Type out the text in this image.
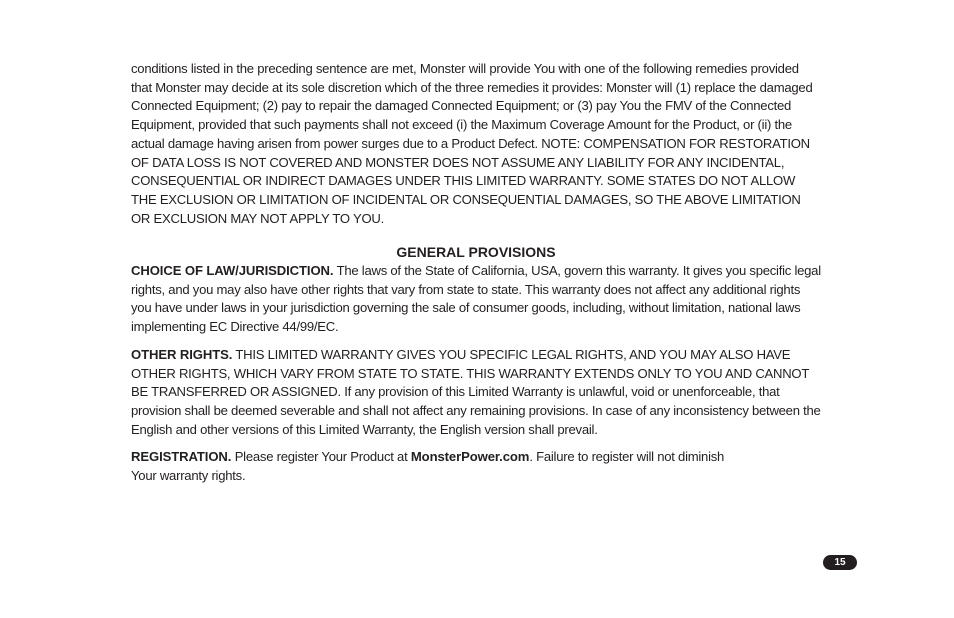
conditions listed in the preceding sentence are met, Monster will provide You with one of the following remedies provided that Monster may decide at its sole discretion which of the three remedies it provides: Monster will (1) replace the damaged Connected Equipment; (2) pay to repair the damaged Connected Equipment; or (3) pay You the FMV of the Connected Equipment, provided that such payments shall not exceed (i) the Maximum Coverage Amount for the Product, or (ii) the actual damage having arisen from power surges due to a Product Defect. NOTE: COMPENSATION FOR RESTORATION OF DATA LOSS IS NOT COVERED AND MONSTER DOES NOT ASSUME ANY LIABILITY FOR ANY INCIDENTAL, CONSEQUENTIAL OR INDIRECT DAMAGES UNDER THIS LIMITED WARRANTY. SOME STATES DO NOT ALLOW THE EXCLUSION OR LIMITATION OF INCIDENTAL OR CONSEQUENTIAL DAMAGES, SO THE ABOVE LIMITATION OR EXCLUSION MAY NOT APPLY TO YOU.

GENERAL PROVISIONS

CHOICE OF LAW/JURISDICTION. The laws of the State of California, USA, govern this warranty. It gives you specific legal rights, and you may also have other rights that vary from state to state. This warranty does not affect any additional rights you have under laws in your jurisdiction governing the sale of consumer goods, including, without limitation, national laws implementing EC Directive 44/99/EC.

OTHER RIGHTS. THIS LIMITED WARRANTY GIVES YOU SPECIFIC LEGAL RIGHTS, AND YOU MAY ALSO HAVE OTHER RIGHTS, WHICH VARY FROM STATE TO STATE. THIS WARRANTY EXTENDS ONLY TO YOU AND CANNOT BE TRANSFERRED OR ASSIGNED. If any provision of this Limited Warranty is unlawful, void or unenforceable, that provision shall be deemed severable and shall not affect any remaining provisions. In case of any inconsistency between the English and other versions of this Limited Warranty, the English version shall prevail.

REGISTRATION. Please register Your Product at MonsterPower.com. Failure to register will not diminish
Your warranty rights.

15
